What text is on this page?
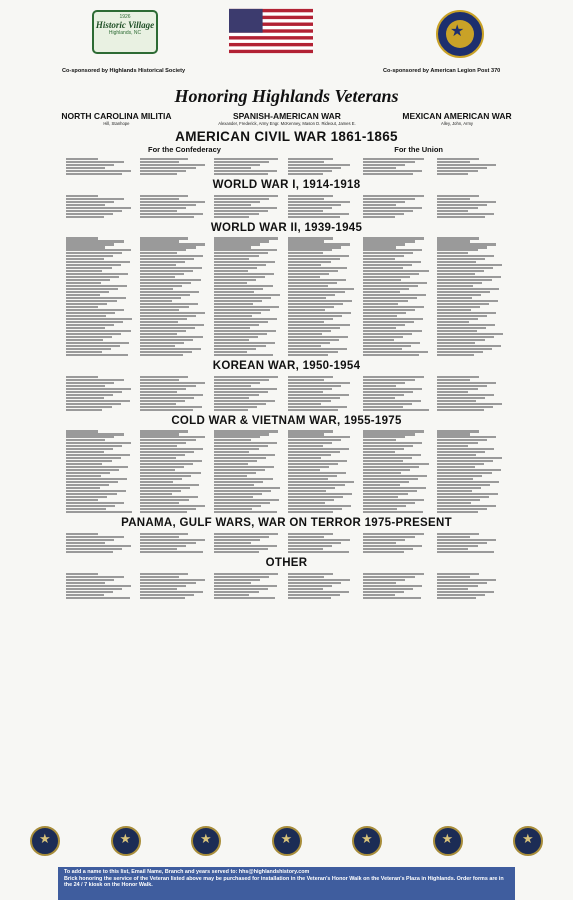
1926
Historic Village
Highlands, NC	★
Co-sponsored by Highlands Historical Society	Co-sponsored by American Legion Post 370
Honoring Highlands Veterans
NORTH CAROLINA MILITIA
Hill, Stanhope
SPANISH-AMERICAN WAR
Alexander, Frederick, Army Engr. McKenney, Mason D. Rideout, James E.
MEXICAN AMERICAN WAR
Alley, John, Army
AMERICAN CIVIL WAR 1861-1865
For the Confederacy	For the Union
WORLD WAR I, 1914-1918
WORLD WAR II, 1939-1945
KOREAN WAR, 1950-1954
COLD WAR & VIETNAM WAR, 1955-1975
PANAMA, GULF WARS, WAR ON TERROR 1975-PRESENT
OTHER
★
★
★
★
★
★
★
To add a name to this list, Email Name, Branch and years served to: hhs@highlandshistory.com
Brick honoring the service of the Veteran listed above may be purchased for installation in the Veteran's Honor Walk on the Veteran's Plaza in Highlands. Order forms are in the 24 / 7 kiosk on the Honor Walk.
